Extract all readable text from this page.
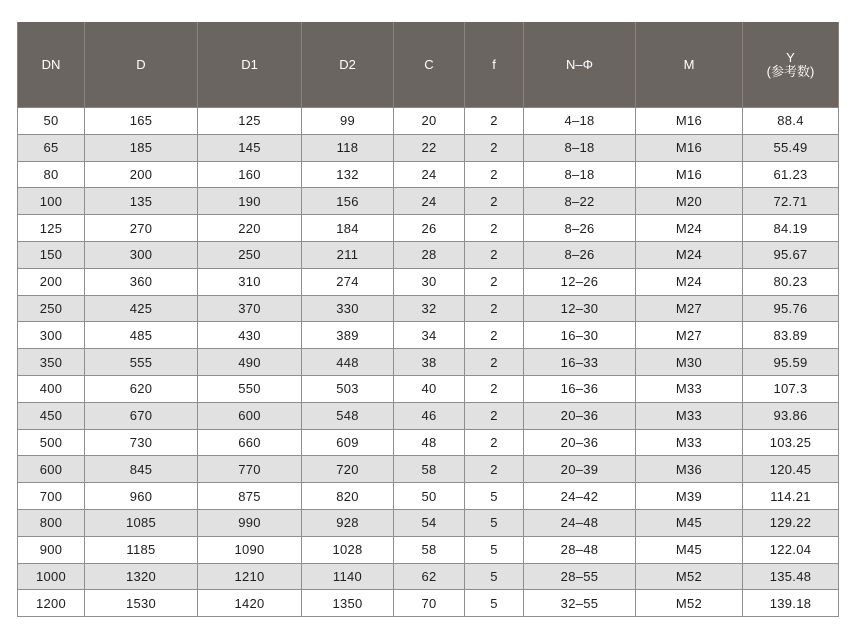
DN	D	D1	D2	C	f	N–Φ	M	Y
(参考数)

50	165	125	99	20	2	4–18	M16	88.4
65	185	145	118	22	2	8–18	M16	55.49
80	200	160	132	24	2	8–18	M16	61.23
100	135	190	156	24	2	8–22	M20	72.71
125	270	220	184	26	2	8–26	M24	84.19
150	300	250	211	28	2	8–26	M24	95.67
200	360	310	274	30	2	12–26	M24	80.23
250	425	370	330	32	2	12–30	M27	95.76
300	485	430	389	34	2	16–30	M27	83.89
350	555	490	448	38	2	16–33	M30	95.59
400	620	550	503	40	2	16–36	M33	107.3
450	670	600	548	46	2	20–36	M33	93.86
500	730	660	609	48	2	20–36	M33	103.25
600	845	770	720	58	2	20–39	M36	120.45
700	960	875	820	50	5	24–42	M39	114.21
800	1085	990	928	54	5	24–48	M45	129.22
900	1185	1090	1028	58	5	28–48	M45	122.04
1000	1320	1210	1140	62	5	28–55	M52	135.48
1200	1530	1420	1350	70	5	32–55	M52	139.18
